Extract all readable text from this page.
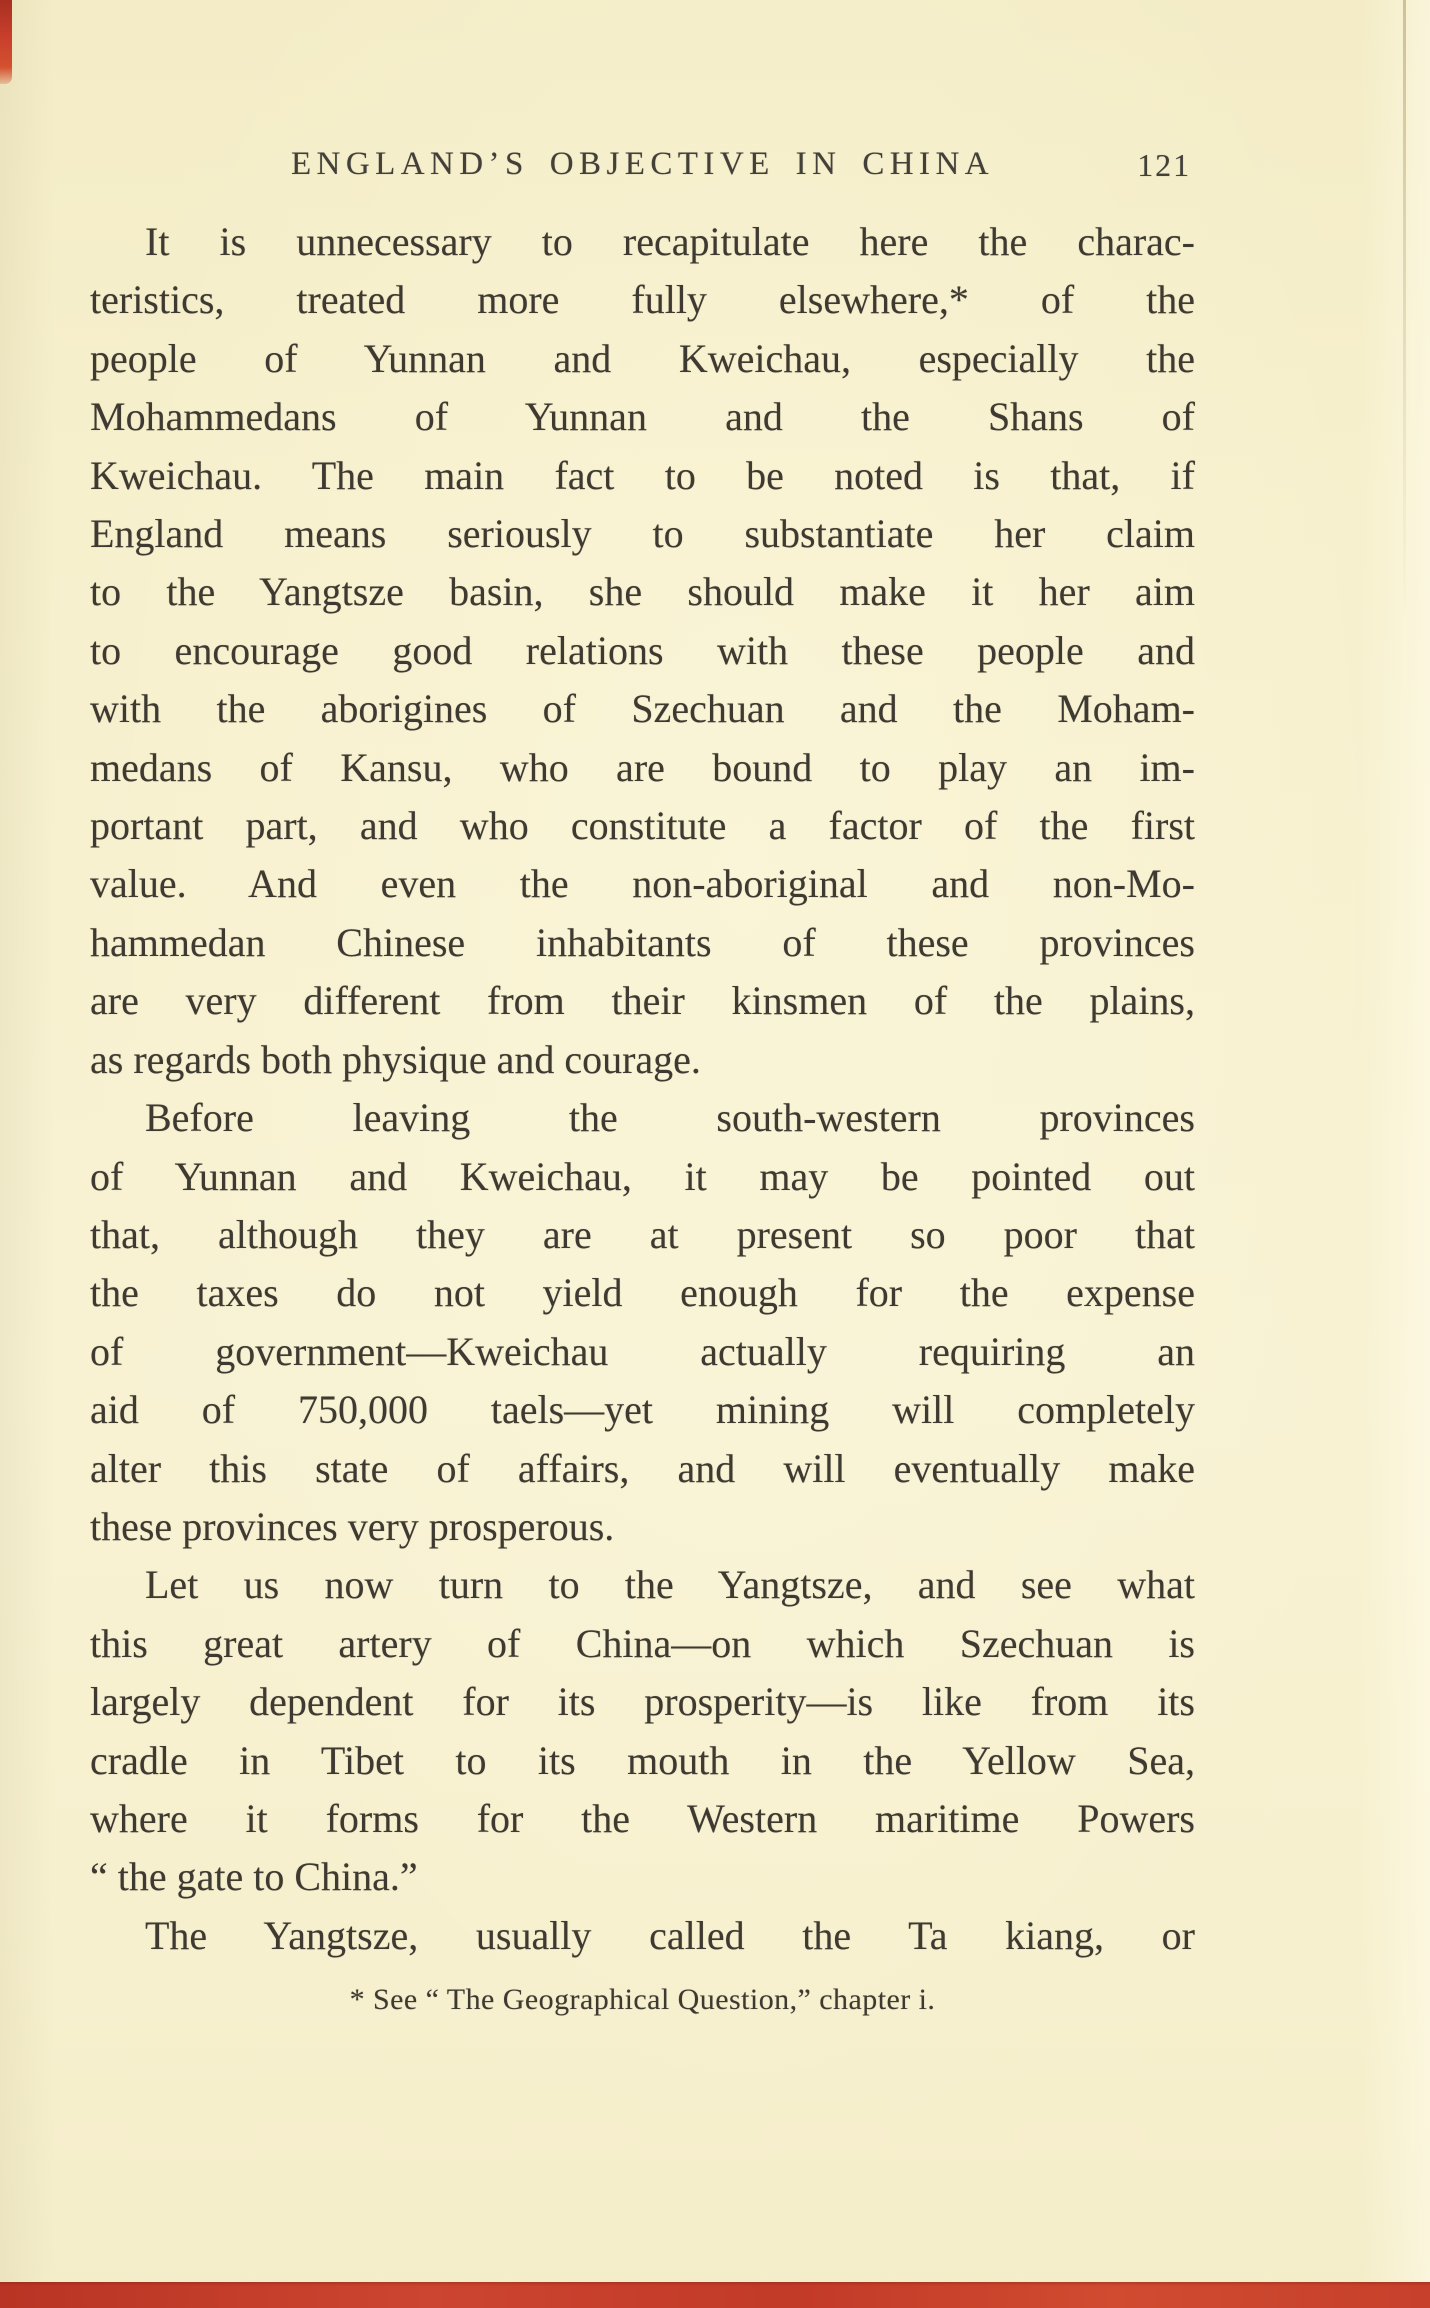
ENGLAND’S OBJECTIVE IN CHINA	121
It is unnecessary to recapitulate here the charac-
teristics, treated more fully elsewhere,* of the
people of Yunnan and Kweichau, especially the
Mohammedans of Yunnan and the Shans of
Kweichau. The main fact to be noted is that, if
England means seriously to substantiate her claim
to the Yangtsze basin, she should make it her aim
to encourage good relations with these people and
with the aborigines of Szechuan and the Moham-
medans of Kansu, who are bound to play an im-
portant part, and who constitute a factor of the first
value. And even the non-aboriginal and non-Mo-
hammedan Chinese inhabitants of these provinces
are very different from their kinsmen of the plains,
as regards both physique and courage.
Before leaving the south-western provinces
of Yunnan and Kweichau, it may be pointed out
that, although they are at present so poor that
the taxes do not yield enough for the expense
of government—Kweichau actually requiring an
aid of 750,000 taels—yet mining will completely
alter this state of affairs, and will eventually make
these provinces very prosperous.
Let us now turn to the Yangtsze, and see what
this great artery of China—on which Szechuan is
largely dependent for its prosperity—is like from its
cradle in Tibet to its mouth in the Yellow Sea,
where it forms for the Western maritime Powers
“ the gate to China.”
The Yangtsze, usually called the Ta kiang, or
* See “ The Geographical Question,” chapter i.
